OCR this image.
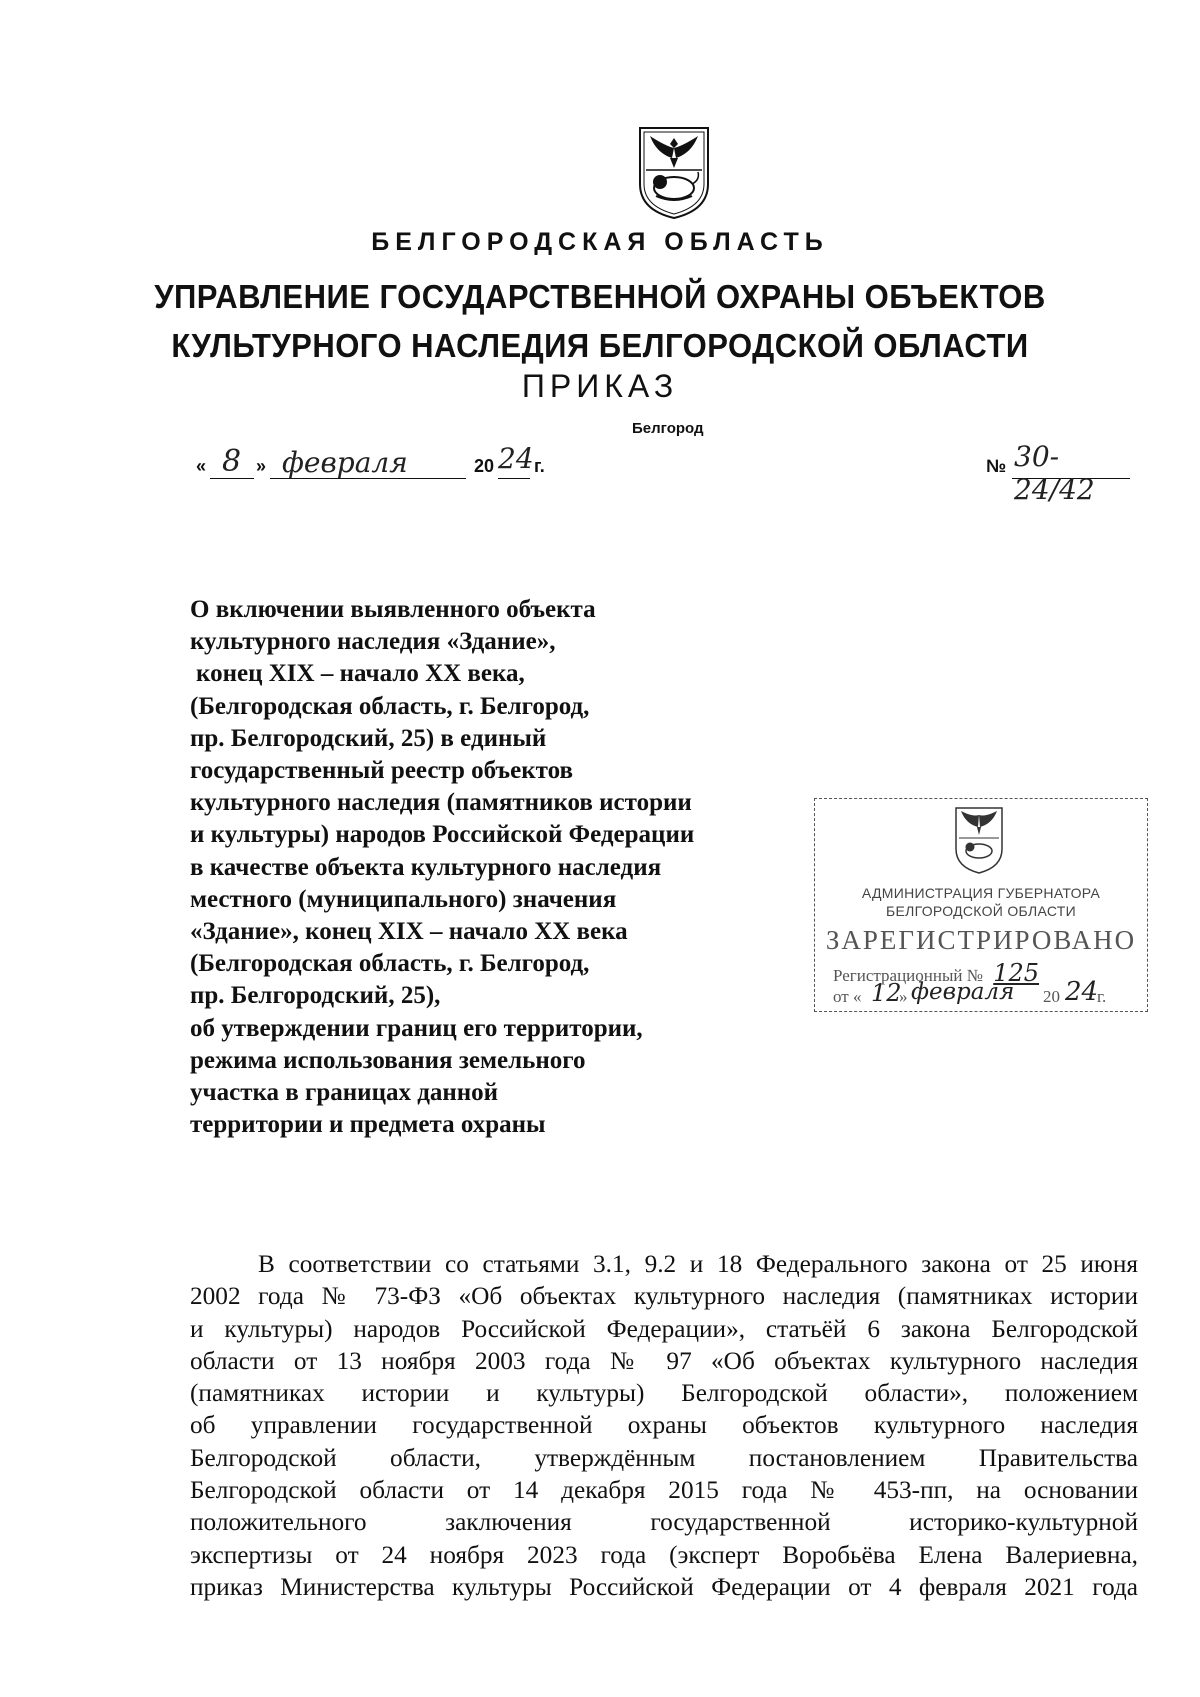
БЕЛГОРОДСКАЯ ОБЛАСТЬ
УПРАВЛЕНИЕ ГОСУДАРСТВЕННОЙ ОХРАНЫ ОБЪЕКТОВ
КУЛЬТУРНОГО НАСЛЕДИЯ БЕЛГОРОДСКОЙ ОБЛАСТИ
ПРИКАЗ
Белгород
« 8 » февраля	20 24 г.	№ 30-24/42
О включении выявленного объекта
культурного наследия «Здание»,
конец XIX – начало XX века,
(Белгородская область, г. Белгород,
пр. Белгородский, 25) в единый
государственный реестр объектов
культурного наследия (памятников истории
и культуры) народов Российской Федерации
в качестве объекта культурного наследия
местного (муниципального) значения
«Здание», конец XIX – начало XX века
(Белгородская область, г. Белгород,
пр. Белгородский, 25),
об утверждении границ его территории,
режима использования земельного
участка в границах данной
территории и предмета охраны
АДМИНИСТРАЦИЯ ГУБЕРНАТОРА
БЕЛГОРОДСКОЙ ОБЛАСТИ
ЗАРЕГИСТРИРОВАНО
Регистрационный № 125
от « 12
» февраля 20 24
г.
В соответствии со статьями 3.1, 9.2 и 18 Федерального закона от 25 июня
2002 года № 73-ФЗ «Об объектах культурного наследия (памятниках истории
и культуры) народов Российской Федерации», статьёй 6 закона Белгородской
области от 13 ноября 2003 года № 97 «Об объектах культурного наследия
(памятниках истории и культуры) Белгородской области», положением
об управлении государственной охраны объектов культурного наследия
Белгородской области, утверждённым постановлением Правительства
Белгородской области от 14 декабря 2015 года № 453-пп, на основании
положительного заключения государственной историко-культурной
экспертизы от 24 ноября 2023 года (эксперт Воробьёва Елена Валериевна,
приказ Министерства культуры Российской Федерации от 4 февраля 2021 года
